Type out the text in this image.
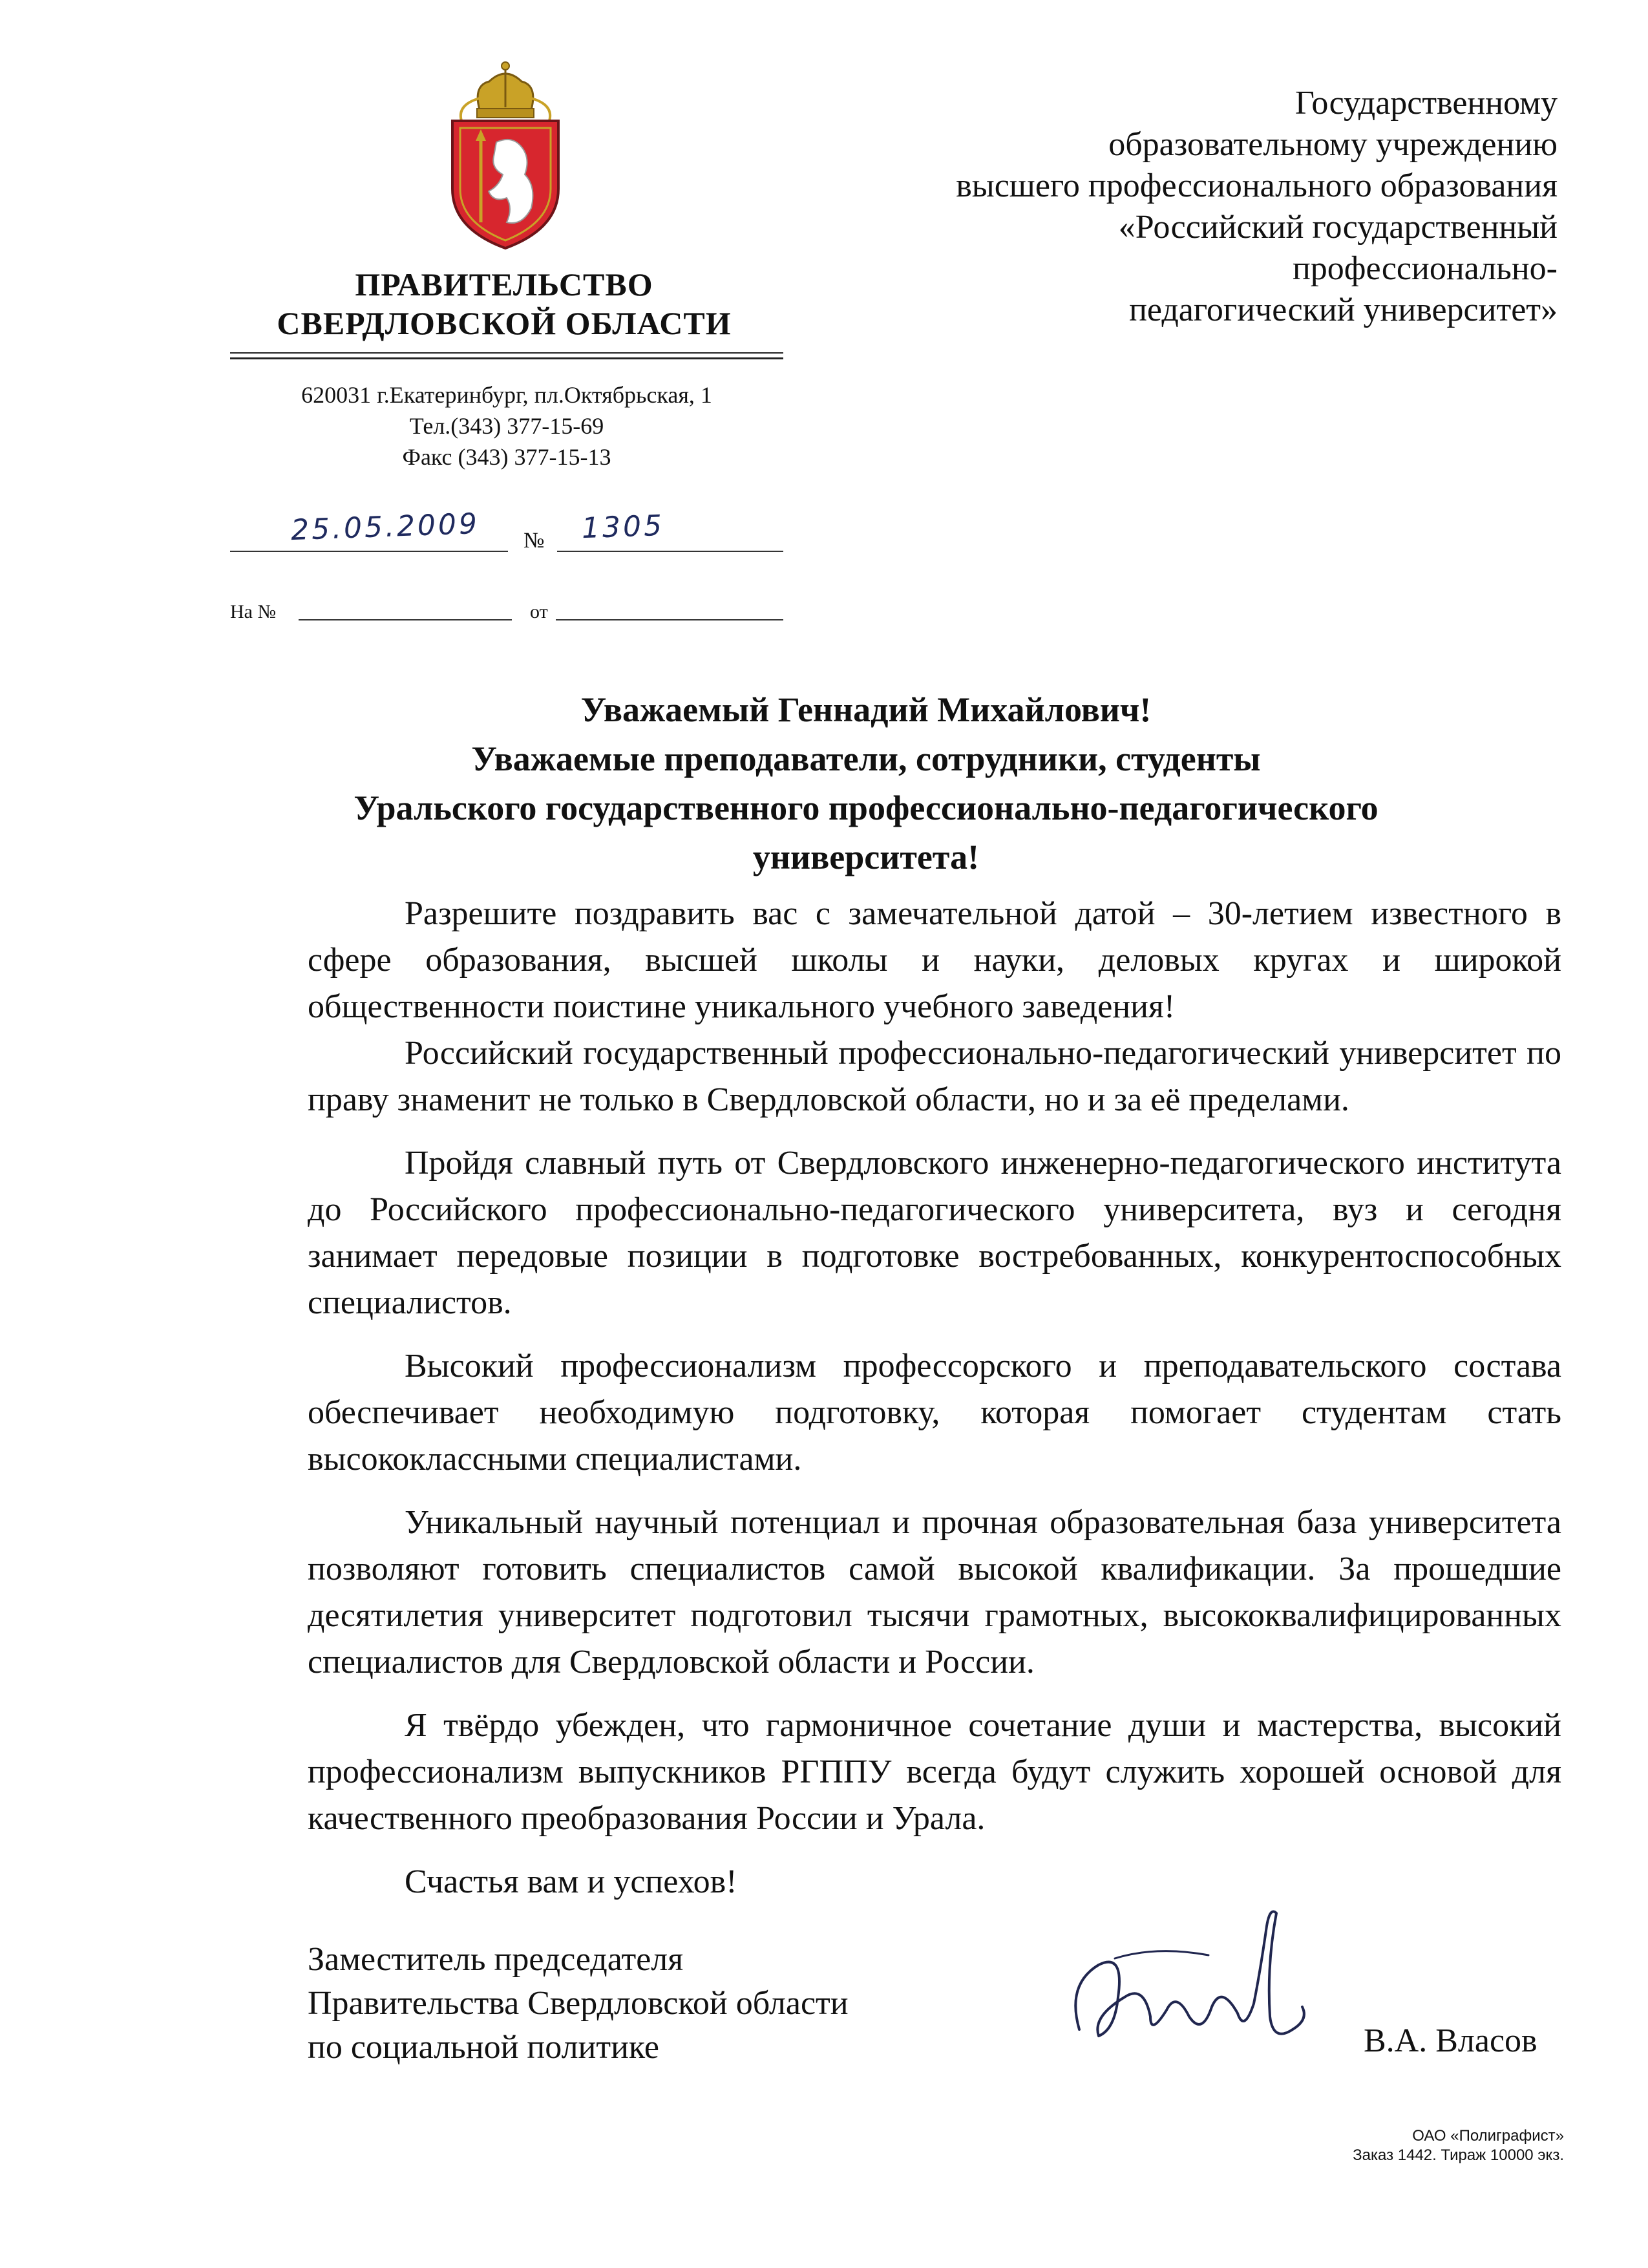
ПРАВИТЕЛЬСТВО
СВЕРДЛОВСКОЙ ОБЛАСТИ
620031 г.Екатеринбург, пл.Октябрьская, 1
Тел.(343) 377-15-69
Факс (343) 377-15-13
25.05.2009 № 1305
На №	от
Государственному
образовательному учреждению
высшего профессионального образования
«Российский государственный
профессионально-
педагогический университет»
Уважаемый Геннадий Михайлович!
Уважаемые преподаватели, сотрудники, студенты
Уральского государственного профессионально-педагогического
университета!

Разрешите поздравить вас с замечательной датой – 30-летием известного в сфере образования, высшей школы и науки, деловых кругах и широкой общественности поистине уникального учебного заведения!

Российский государственный профессионально-педагогический университет по праву знаменит не только в Свердловской области, но и за её пределами.

Пройдя славный путь от Свердловского инженерно-педагогического института до Российского профессионально-педагогического университета, вуз и сегодня занимает передовые позиции в подготовке востребованных, конкурентоспособных специалистов.

Высокий профессионализм профессорского и преподавательского состава обеспечивает необходимую подготовку, которая помогает студентам стать высококлассными специалистами.

Уникальный научный потенциал и прочная образовательная база университета позволяют готовить специалистов самой высокой квалификации. За прошедшие десятилетия университет подготовил тысячи грамотных, высококвалифицированных специалистов для Свердловской области и России.

Я твёрдо убежден, что гармоничное сочетание души и мастерства, высокий профессионализм выпускников РГППУ всегда будут служить хорошей основой для качественного преобразования России и Урала.

Счастья вам и успехов!

Заместитель председателя
Правительства Свердловской области
по социальной политике	В.А. Власов
ОАО «Полиграфист»
Заказ 1442. Тираж 10000 экз.
